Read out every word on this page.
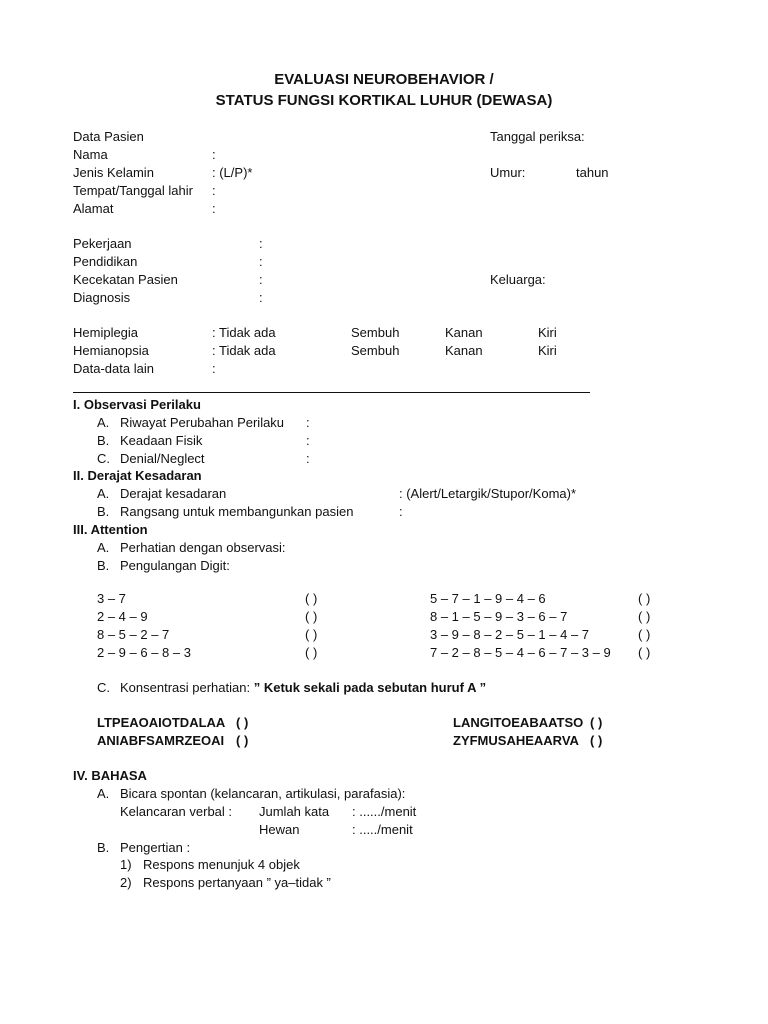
EVALUASI NEUROBEHAVIOR /
STATUS FUNGSI KORTIKAL LUHUR (DEWASA)
Data Pasien	Tanggal periksa:
Nama	:
Jenis Kelamin	: (L/P)*	Umur:	tahun
Tempat/Tanggal lahir :
Alamat	:
Pekerjaan	:
Pendidikan	:
Kecekatan Pasien	:	Keluarga:
Diagnosis	:
Hemiplegia	: Tidak ada	Sembuh	Kanan	Kiri
Hemianopsia	: Tidak ada	Sembuh	Kanan	Kiri
Data-data lain	:
I. Observasi Perilaku
A. Riwayat Perubahan Perilaku :
B. Keadaan Fisik	:
C. Denial/Neglect	:
II. Derajat Kesadaran
A. Derajat kesadaran	: (Alert/Letargik/Stupor/Koma)*
B. Rangsang untuk membangunkan pasien	:
III. Attention
A. Perhatian dengan observasi:
B. Pengulangan Digit:
3 – 7	( )	5 – 7 – 1 – 9 – 4 – 6	( )
2 – 4 – 9	( )	8 – 1 – 5 – 9 – 3 – 6 – 7	( )
8 – 5 – 2 – 7	( )	3 – 9 – 8 – 2 – 5 – 1 – 4 – 7	( )
2 – 9 – 6 – 8 – 3	( )	7 – 2 – 8 – 5 – 4 – 6 – 7 – 3 – 9 ( )
C. Konsentrasi perhatian: ” Ketuk sekali pada sebutan huruf A ”
LTPEAOAIOTDALAA ( )	LANGITOEABAATSO ( )
ANIABFSAMRZEOAI ( )	ZYFMUSAHEAARVA ( )
IV. BAHASA
A. Bicara spontan (kelancaran, artikulasi, parafasia):
Kelancaran verbal : Jumlah kata : ....../menit
Hewan	: ...../menit
B. Pengertian :
1) Respons menunjuk 4 objek
2) Respons pertanyaan ” ya–tidak ”
